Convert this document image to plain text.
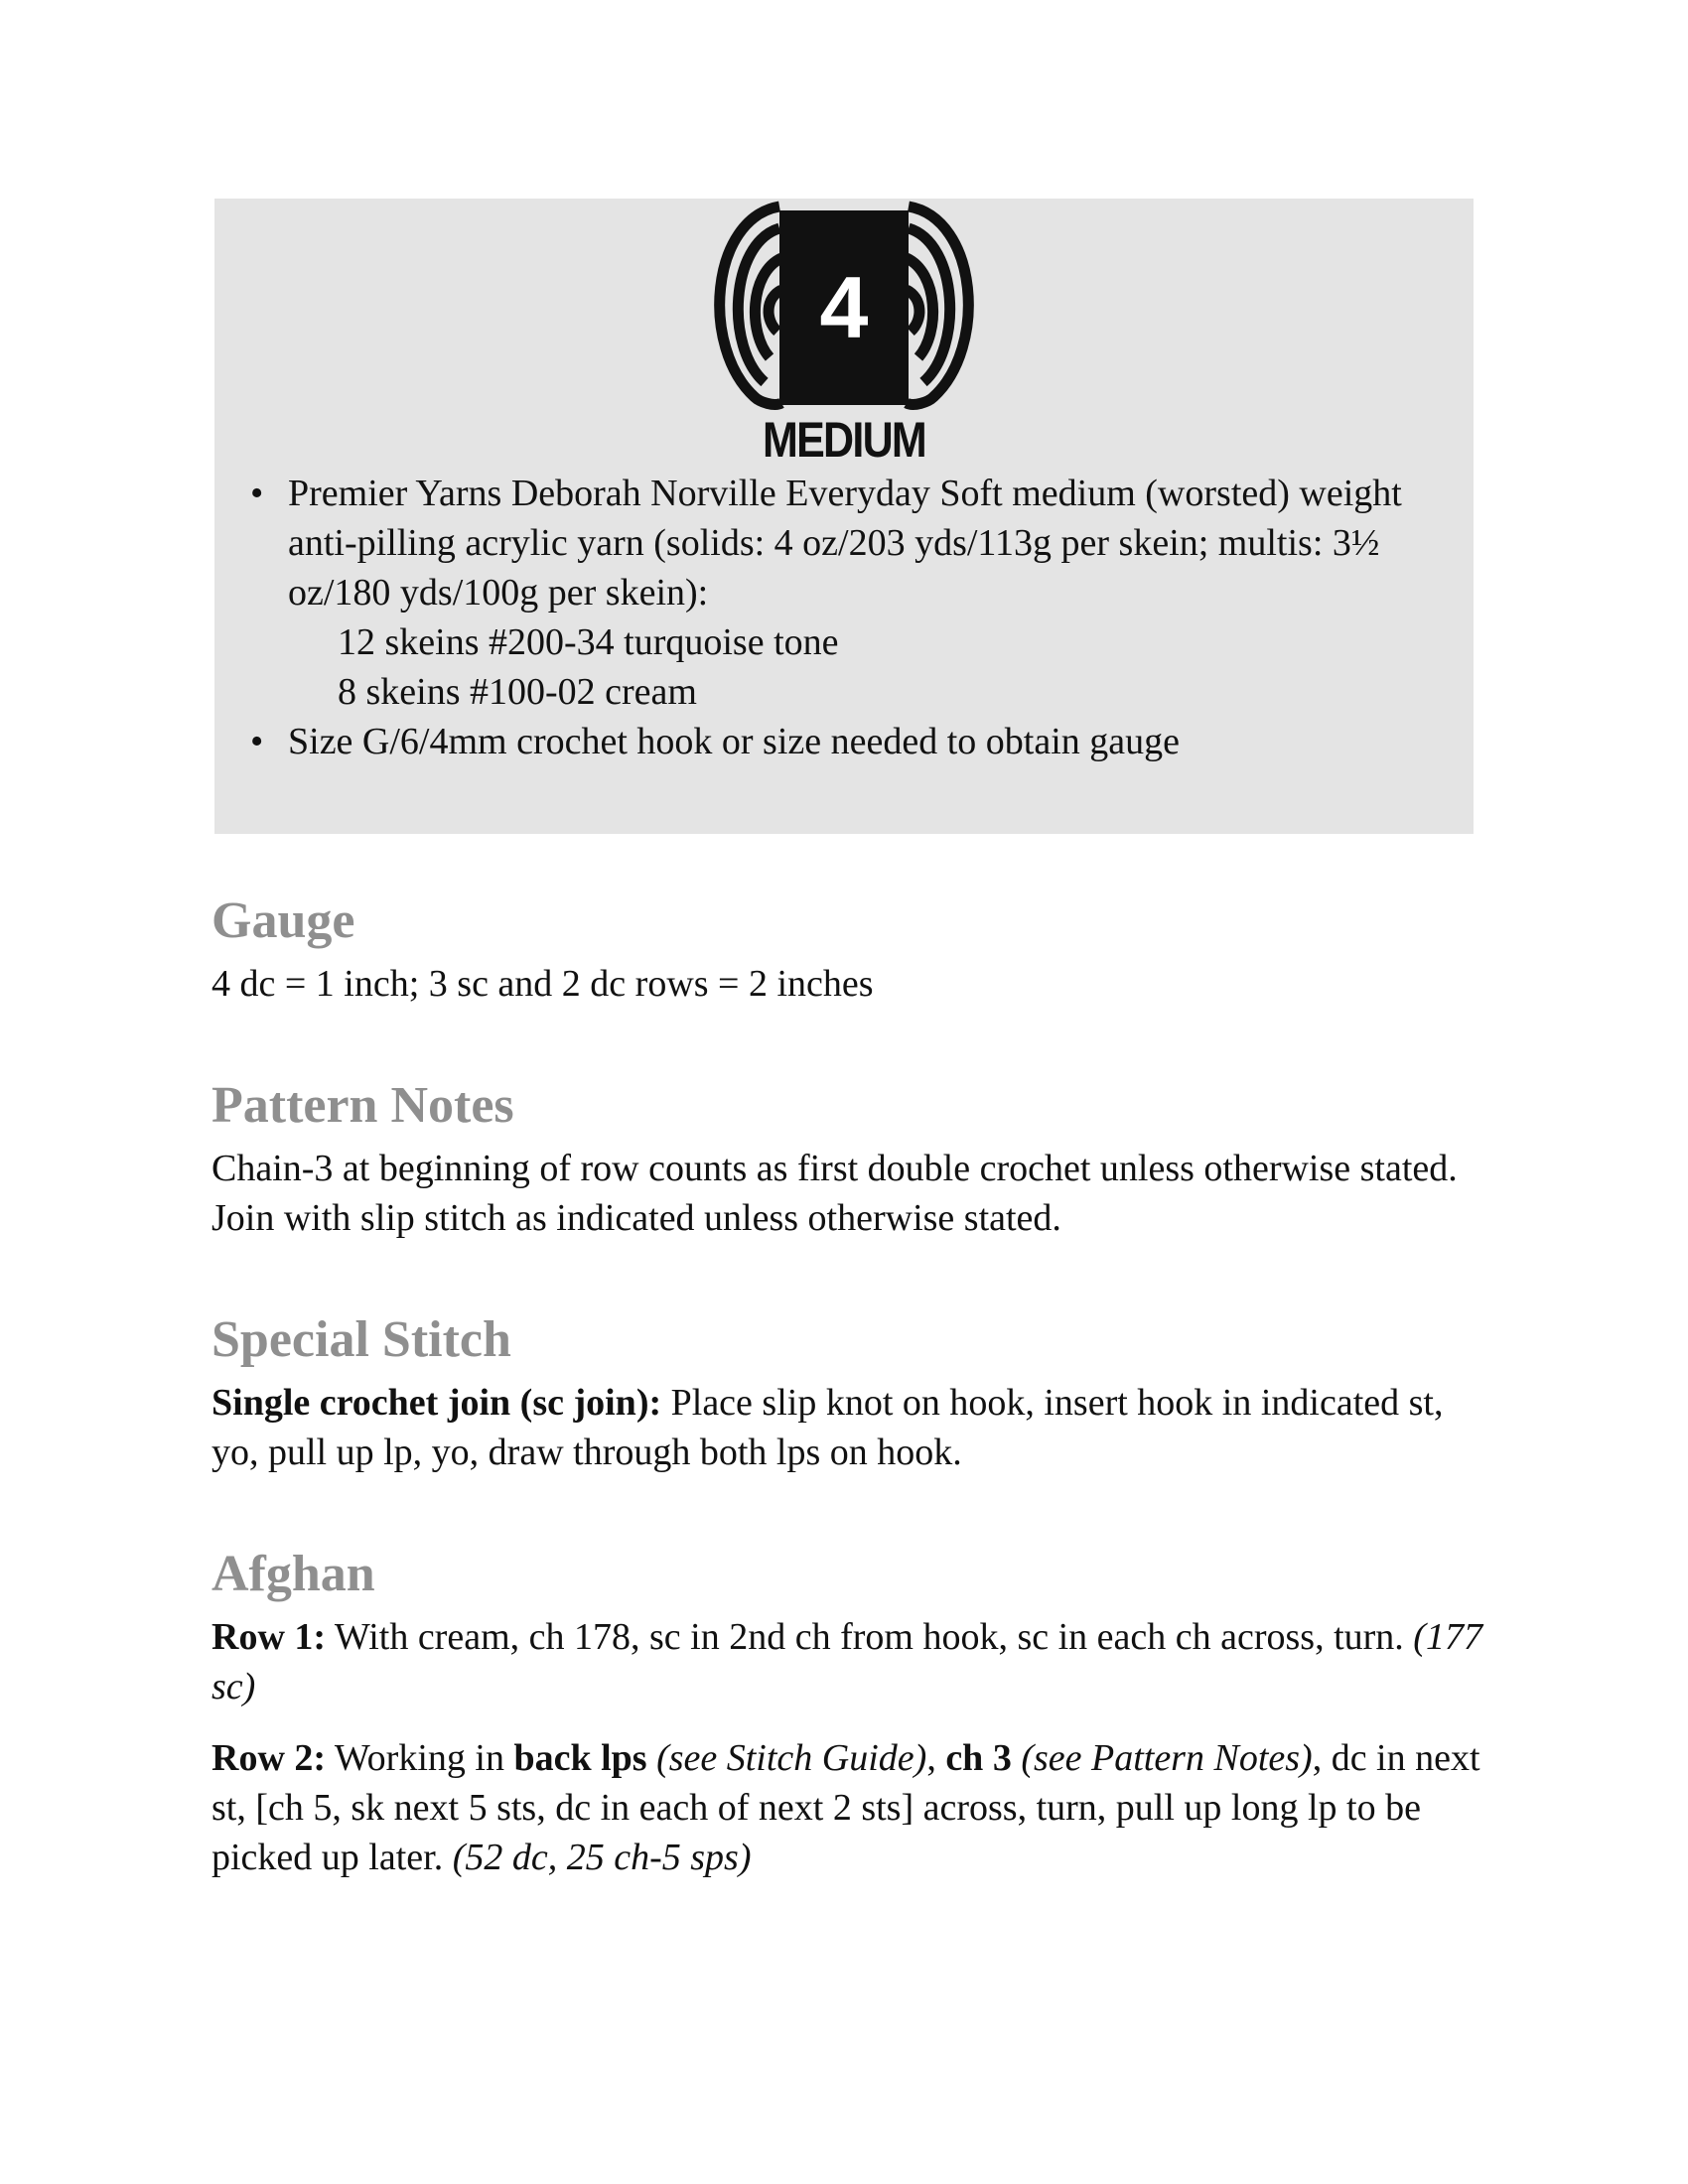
4
MEDIUM
• Premier Yarns Deborah Norville Everyday Soft medium (worsted) weight anti-pilling acrylic yarn (solids: 4 oz/203 yds/113g per skein; multis: 3½ oz/180 yds/100g per skein):
12 skeins #200-34 turquoise tone
8 skeins #100-02 cream
• Size G/6/4mm crochet hook or size needed to obtain gauge
Gauge

4 dc = 1 inch; 3 sc and 2 dc rows = 2 inches

Pattern Notes

Chain-3 at beginning of row counts as first double crochet unless otherwise stated.

Join with slip stitch as indicated unless otherwise stated.

Special Stitch

Single crochet join (sc join): Place slip knot on hook, insert hook in indicated st, yo, pull up lp, yo, draw through both lps on hook.

Afghan

Row 1: With cream, ch 178, sc in 2nd ch from hook, sc in each ch across, turn. (177 sc)

Row 2: Working in back lps (see Stitch Guide), ch 3 (see Pattern Notes), dc in next st, [ch 5, sk next 5 sts, dc in each of next 2 sts] across, turn, pull up long lp to be picked up later. (52 dc, 25 ch-5 sps)
